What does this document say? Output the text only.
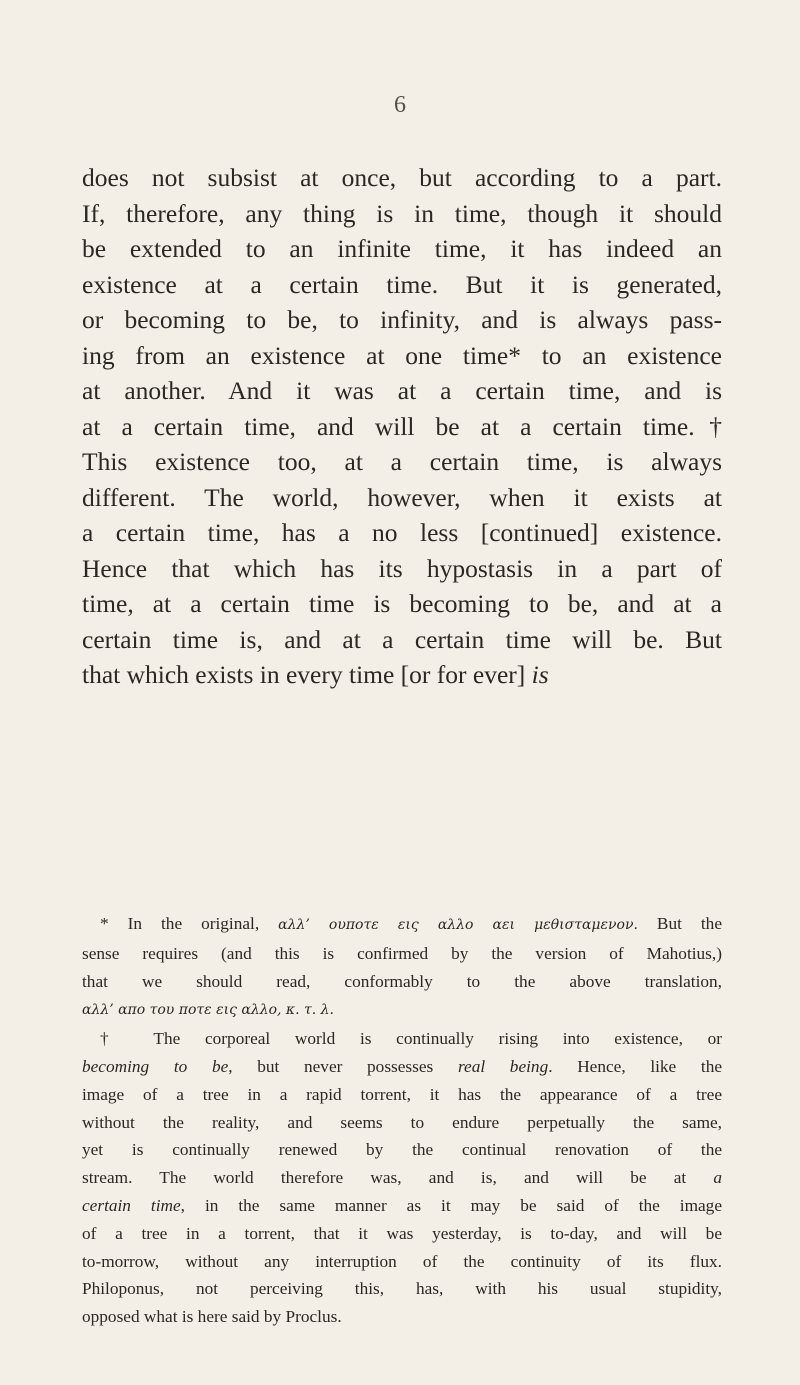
6
does not subsist at once, but according to a part.
If, therefore, any thing is in time, though it should
be extended to an infinite time, it has indeed an
existence at a certain time. But it is generated,
or becoming to be, to infinity, and is always pass-
ing from an existence at one time* to an existence
at another. And it was at a certain time, and is
at a certain time, and will be at a certain time.†
This existence too, at a certain time, is always
different. The world, however, when it exists at
a certain time, has a no less [continued] existence.
Hence that which has its hypostasis in a part of
time, at a certain time is becoming to be, and at a
certain time is, and at a certain time will be. But
that which exists in every time [or for ever] is
* In the original, αλλ’ ουποτε εις αλλο αει μεθισταμενον. But the
sense requires (and this is confirmed by the version of Mahotius,)
that we should read, conformably to the above translation,
αλλ’ απο του ποτε εις αλλο, κ. τ. λ.
† The corporeal world is continually rising into existence, or
becoming to be, but never possesses real being. Hence, like the
image of a tree in a rapid torrent, it has the appearance of a tree
without the reality, and seems to endure perpetually the same,
yet is continually renewed by the continual renovation of the
stream. The world therefore was, and is, and will be at a
certain time, in the same manner as it may be said of the image
of a tree in a torrent, that it was yesterday, is to-day, and will be
to-morrow, without any interruption of the continuity of its flux.
Philoponus, not perceiving this, has, with his usual stupidity,
opposed what is here said by Proclus.
